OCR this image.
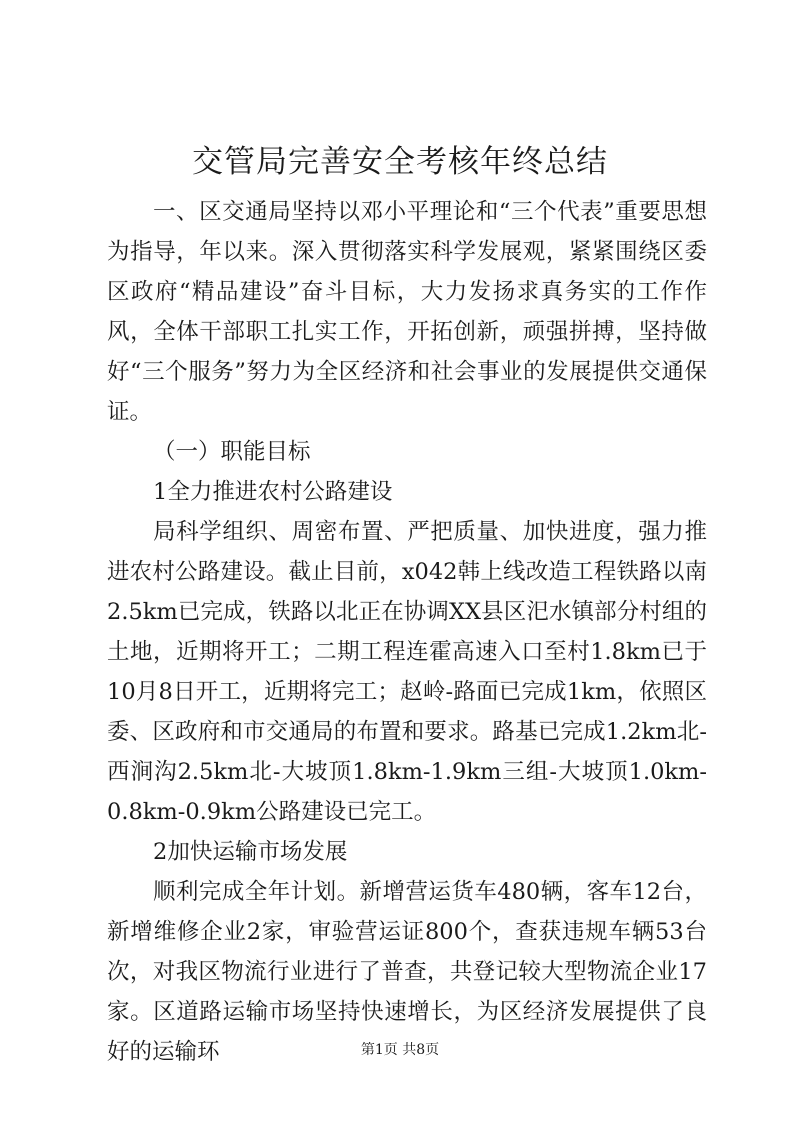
交管局完善安全考核年终总结

一、区交通局坚持以邓小平理论和“三个代表”重要思想为指导，年以来。深入贯彻落实科学发展观，紧紧围绕区委区政府“精品建设”奋斗目标，大力发扬求真务实的工作作风，全体干部职工扎实工作，开拓创新，顽强拼搏，坚持做好“三个服务”努力为全区经济和社会事业的发展提供交通保证。

（一）职能目标

1全力推进农村公路建设

局科学组织、周密布置、严把质量、加快进度，强力推进农村公路建设。截止目前，x042韩上线改造工程铁路以南2.5km已完成，铁路以北正在协调XX县区汜水镇部分村组的土地，近期将开工；二期工程连霍高速入口至村1.8km已于10月8日开工，近期将完工；赵岭-路面已完成1km，依照区委、区政府和市交通局的布置和要求。路基已完成1.2km北-西涧沟2.5km北-大坡顶1.8km-1.9km三组-大坡顶1.0km-0.8km-0.9km公路建设已完工。

2加快运输市场发展

顺利完成全年计划。新增营运货车480辆，客车12台，新增维修企业2家，审验营运证800个，查获违规车辆53台次，对我区物流行业进行了普查，共登记较大型物流企业17家。区道路运输市场坚持快速增长，为区经济发展提供了良好的运输环	第1页 共8页
